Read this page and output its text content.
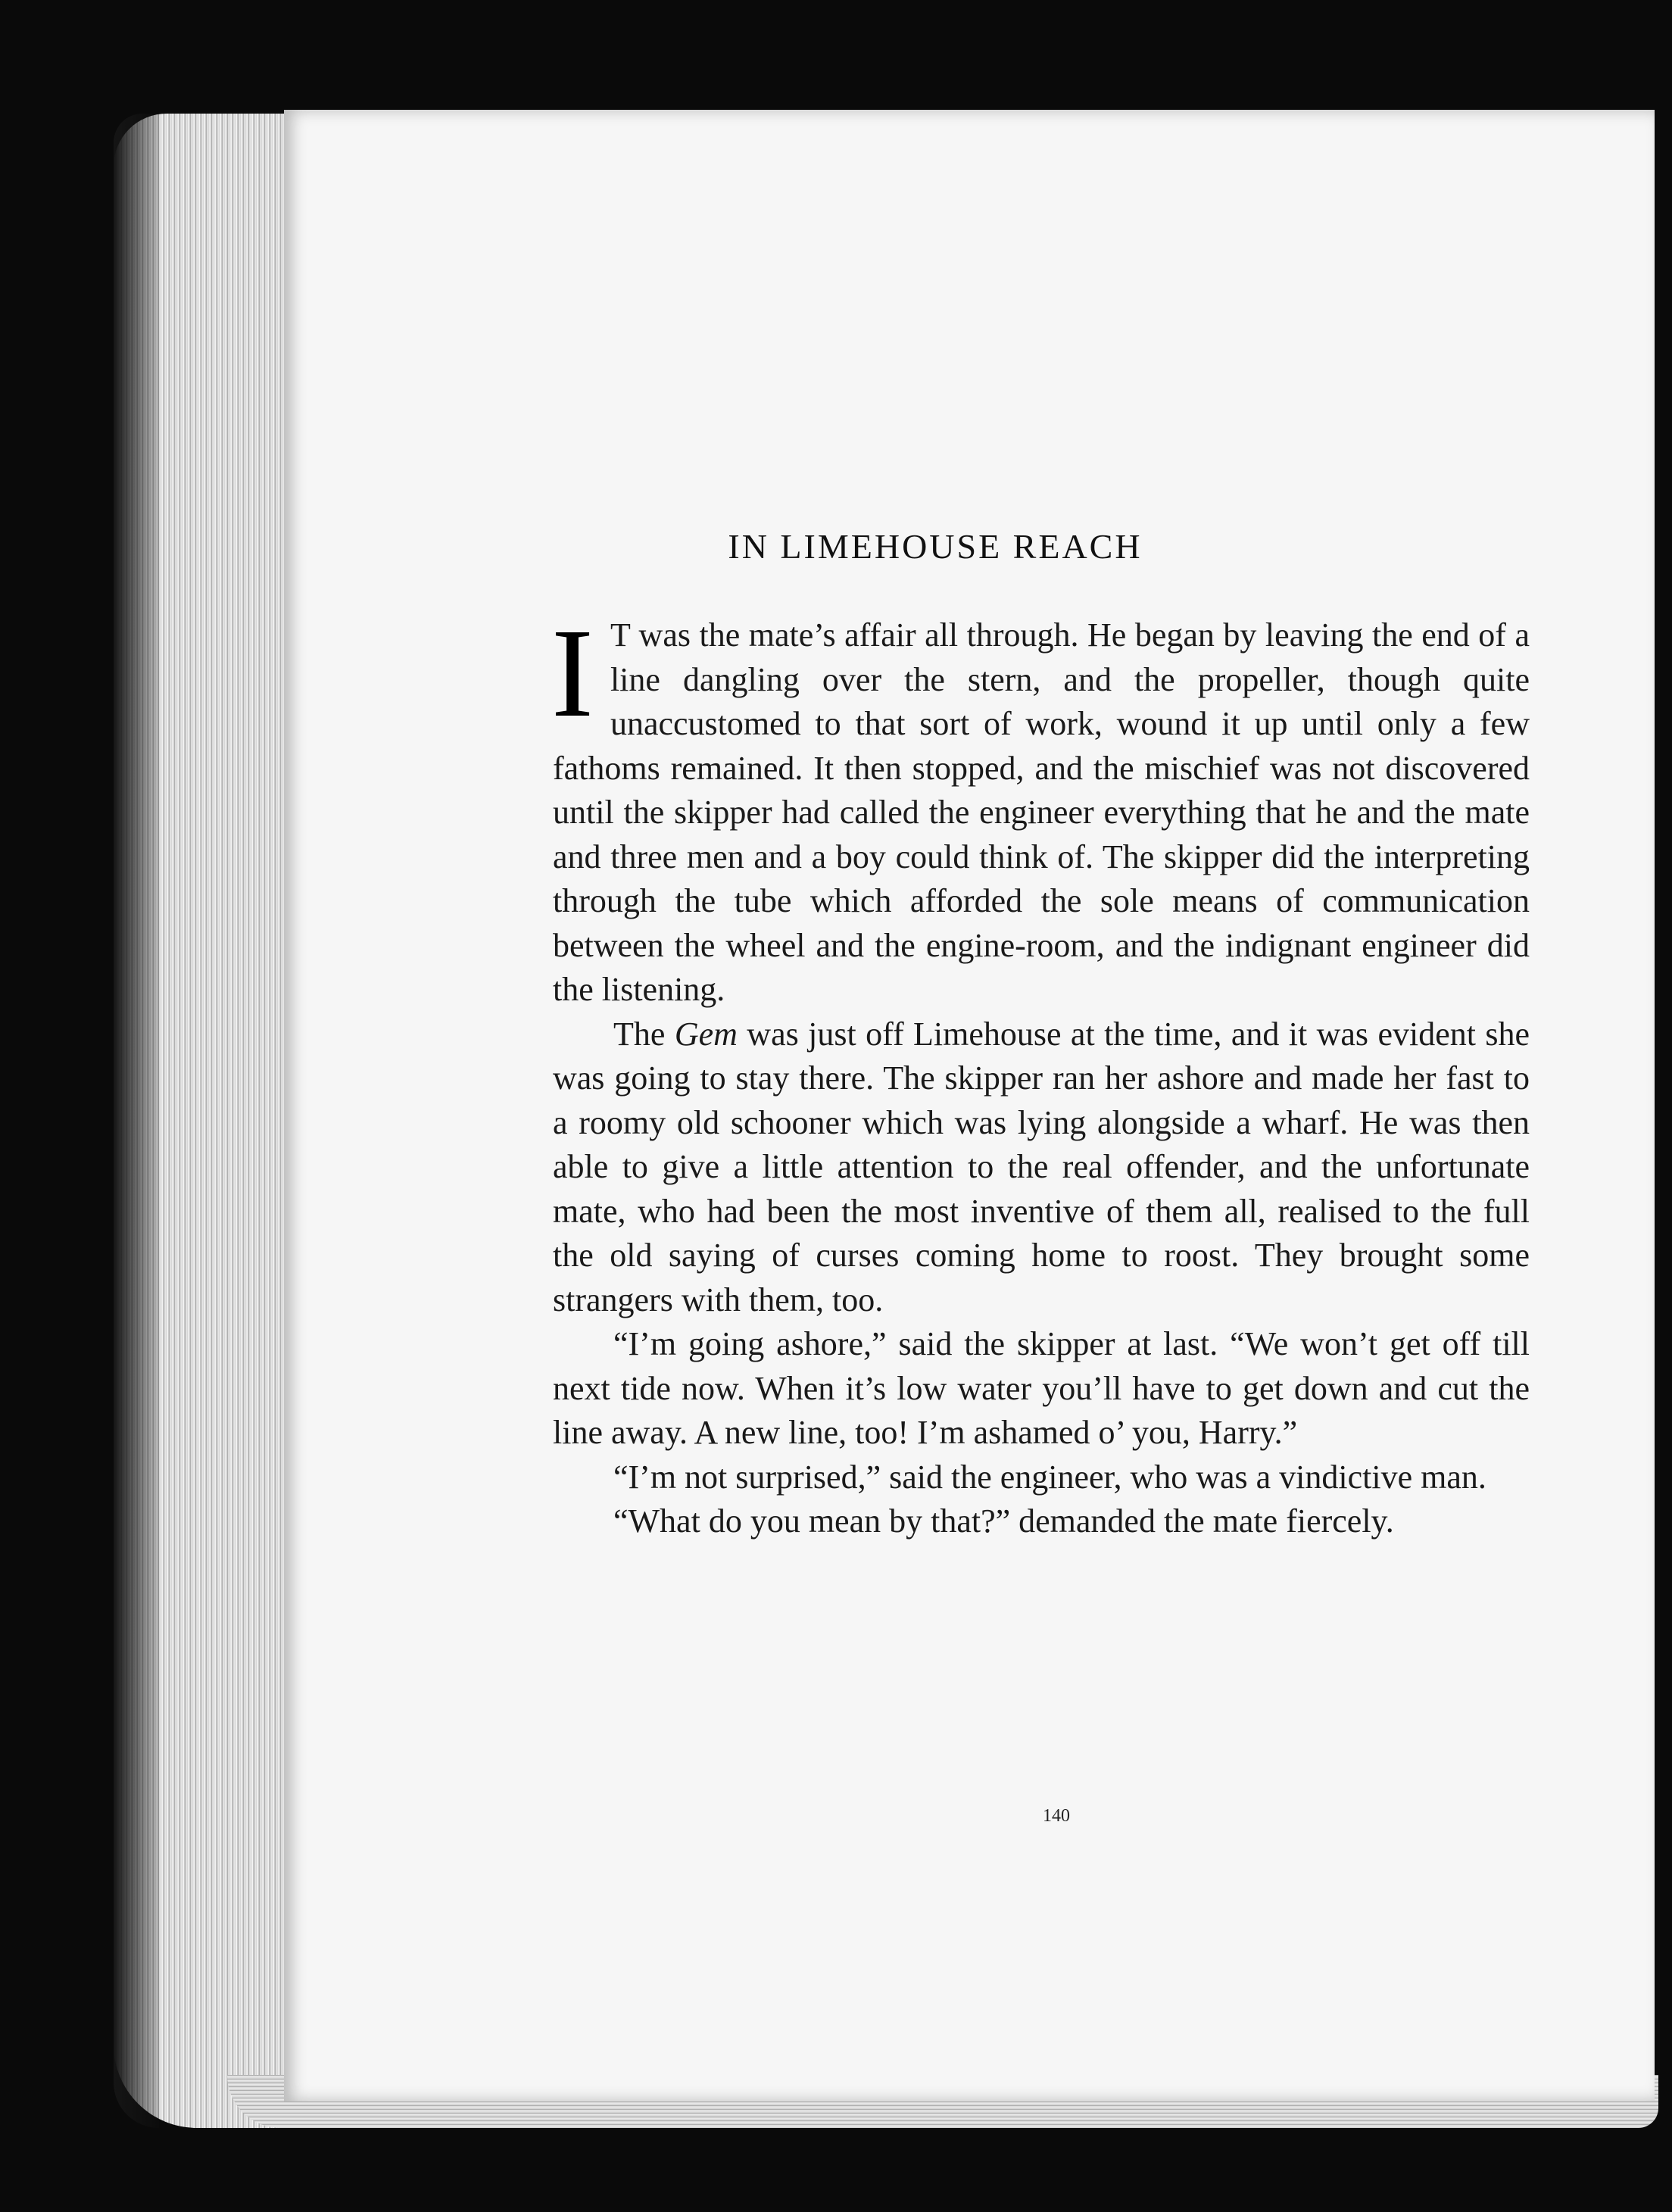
IN LIMEHOUSE REACH

I T was the mate’s affair all through. He began by leaving the end of a line dangling over the stern, and the propeller, though quite unaccustomed to that sort of work, wound it up until only a few fathoms remained. It then stopped, and the mischief was not discovered until the skipper had called the engineer everything that he and the mate and three men and a boy could think of. The skipper did the interpreting through the tube which afforded the sole means of communication between the wheel and the engine-room, and the indignant engineer did the listening.

The Gem was just off Limehouse at the time, and it was evident she was going to stay there. The skipper ran her ashore and made her fast to a roomy old schooner which was lying alongside a wharf. He was then able to give a little attention to the real offender, and the unfortunate mate, who had been the most inventive of them all, realised to the full the old saying of curses coming home to roost. They brought some strangers with them, too.

“I’m going ashore,” said the skipper at last. “We won’t get off till next tide now. When it’s low water you’ll have to get down and cut the line away. A new line, too! I’m ashamed o’ you, Harry.”

“I’m not surprised,” said the engineer, who was a vindictive man.

“What do you mean by that?” demanded the mate fiercely.

140
